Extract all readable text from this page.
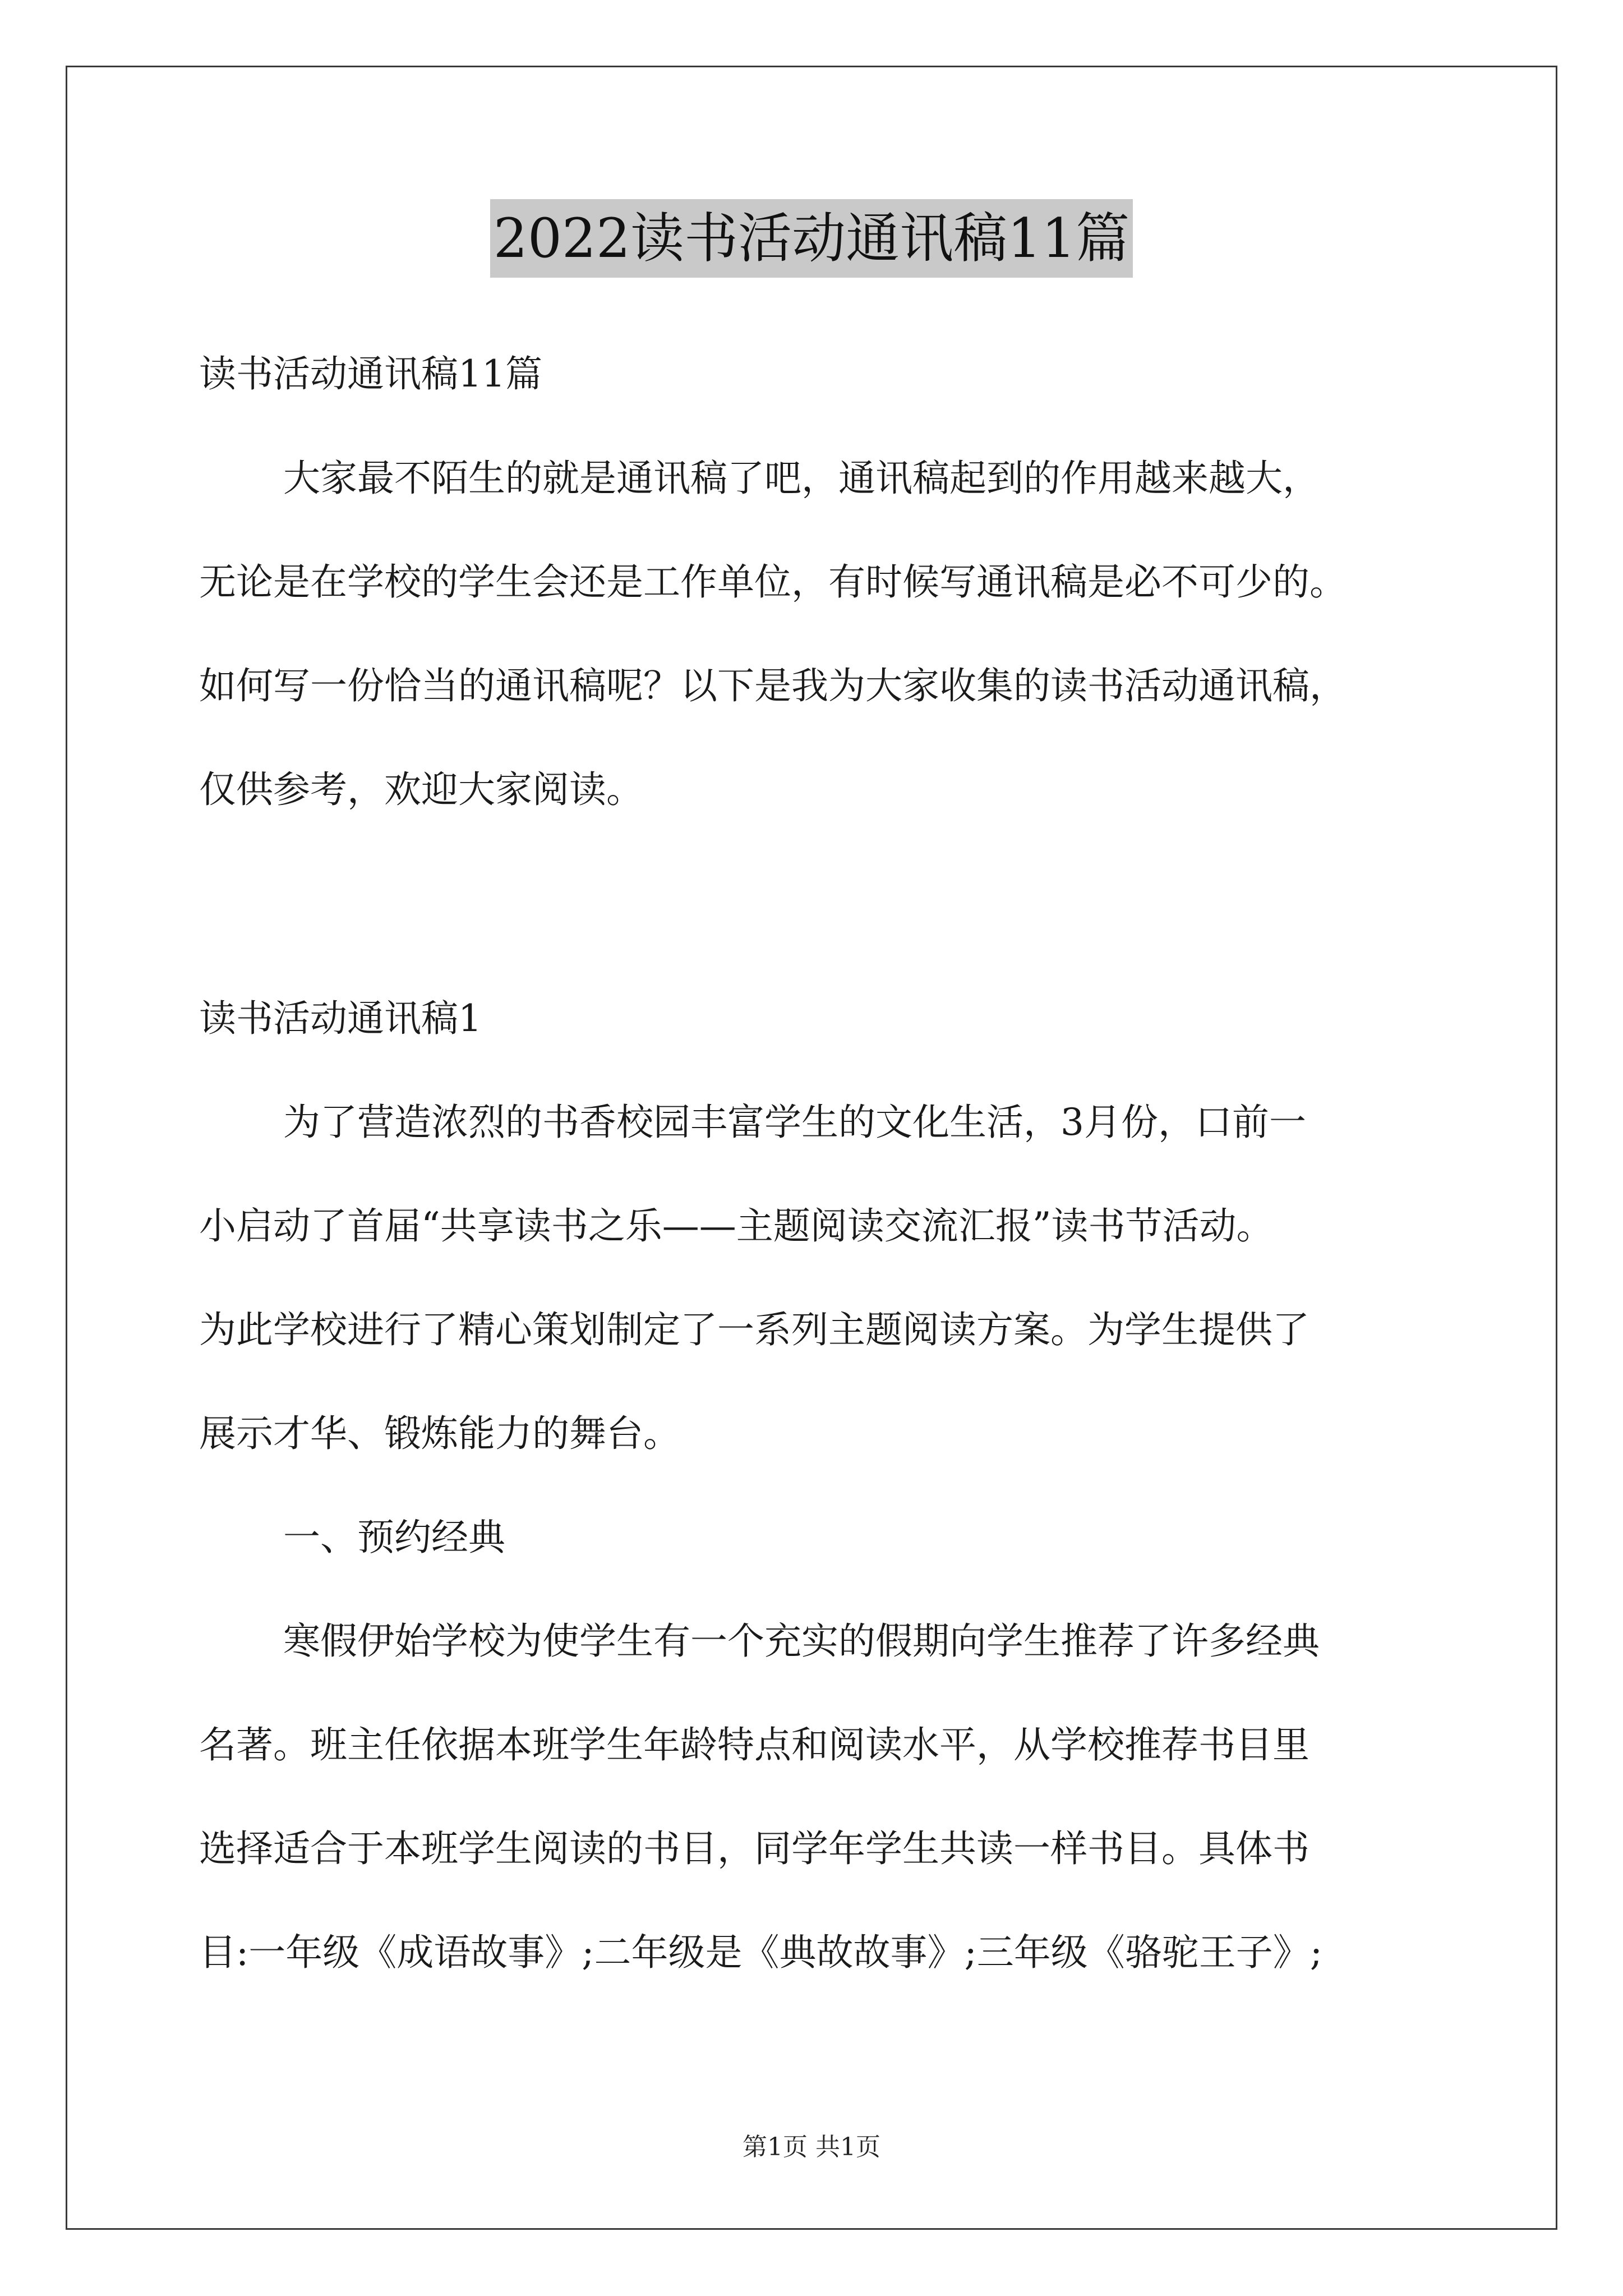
2022读书活动通讯稿11篇
读书活动通讯稿11篇
大家最不陌生的就是通讯稿了吧，通讯稿起到的作用越来越大，
无论是在学校的学生会还是工作单位，有时候写通讯稿是必不可少的。
如何写一份恰当的通讯稿呢？以下是我为大家收集的读书活动通讯稿，
仅供参考，欢迎大家阅读。
读书活动通讯稿1
为了营造浓烈的书香校园丰富学生的文化生活，3月份，口前一
小启动了首届“共享读书之乐——主题阅读交流汇报”读书节活动。
为此学校进行了精心策划制定了一系列主题阅读方案。为学生提供了
展示才华、锻炼能力的舞台。
一、预约经典
寒假伊始学校为使学生有一个充实的假期向学生推荐了许多经典
名著。班主任依据本班学生年龄特点和阅读水平，从学校推荐书目里
选择适合于本班学生阅读的书目，同学年学生共读一样书目。具体书
目:一年级《成语故事》;二年级是《典故故事》;三年级《骆驼王子》;
第1页 共1页
